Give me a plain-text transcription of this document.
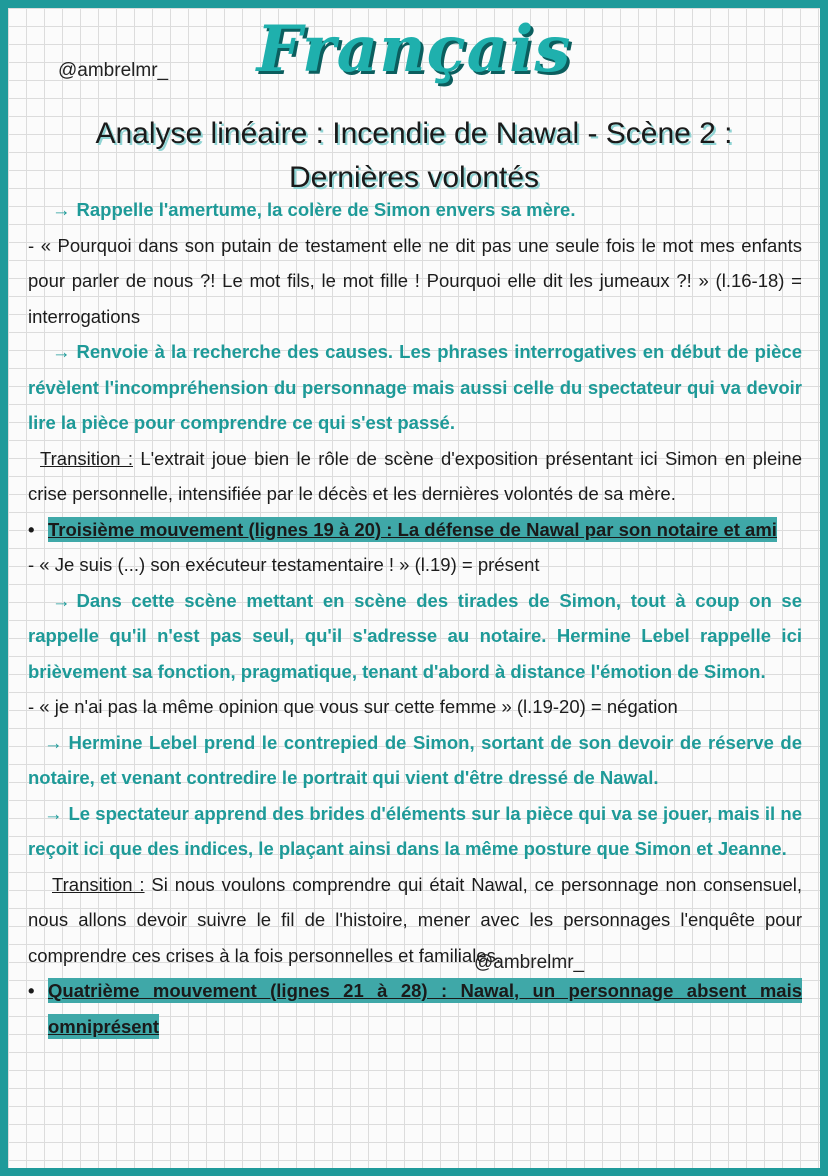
@ambrelmr_	Français
Analyse linéaire : Incendie de Nawal - Scène 2 : Dernières volontés

→ Rappelle l'amertume, la colère de Simon envers sa mère.

- « Pourquoi dans son putain de testament elle ne dit pas une seule fois le mot mes enfants pour parler de nous ?! Le mot fils, le mot fille ! Pourquoi elle dit les jumeaux ?! » (l.16-18) = interrogations

→ Renvoie à la recherche des causes. Les phrases interrogatives en début de pièce révèlent l'incompréhension du personnage mais aussi celle du spectateur qui va devoir lire la pièce pour comprendre ce qui s'est passé.

Transition : L'extrait joue bien le rôle de scène d'exposition présentant ici Simon en pleine crise personnelle, intensifiée par le décès et les dernières volontés de sa mère.

• Troisième mouvement (lignes 19 à 20) : La défense de Nawal par son notaire et ami

- « Je suis (...) son exécuteur testamentaire ! » (l.19) = présent

→ Dans cette scène mettant en scène des tirades de Simon, tout à coup on se rappelle qu'il n'est pas seul, qu'il s'adresse au notaire. Hermine Lebel rappelle ici brièvement sa fonction, pragmatique, tenant d'abord à distance l'émotion de Simon.

- « je n'ai pas la même opinion que vous sur cette femme » (l.19-20) = négation

→ Hermine Lebel prend le contrepied de Simon, sortant de son devoir de réserve de notaire, et venant contredire le portrait qui vient d'être dressé de Nawal.

→ Le spectateur apprend des brides d'éléments sur la pièce qui va se jouer, mais il ne reçoit ici que des indices, le plaçant ainsi dans la même posture que Simon et Jeanne.

Transition : Si nous voulons comprendre qui était Nawal, ce personnage non consensuel, nous allons devoir suivre le fil de l'histoire, mener avec les personnages l'enquête pour comprendre ces crises à la fois personnelles et familiales.

• Quatrième mouvement (lignes 21 à 28) : Nawal, un personnage absent mais omniprésent

@ambrelmr_
